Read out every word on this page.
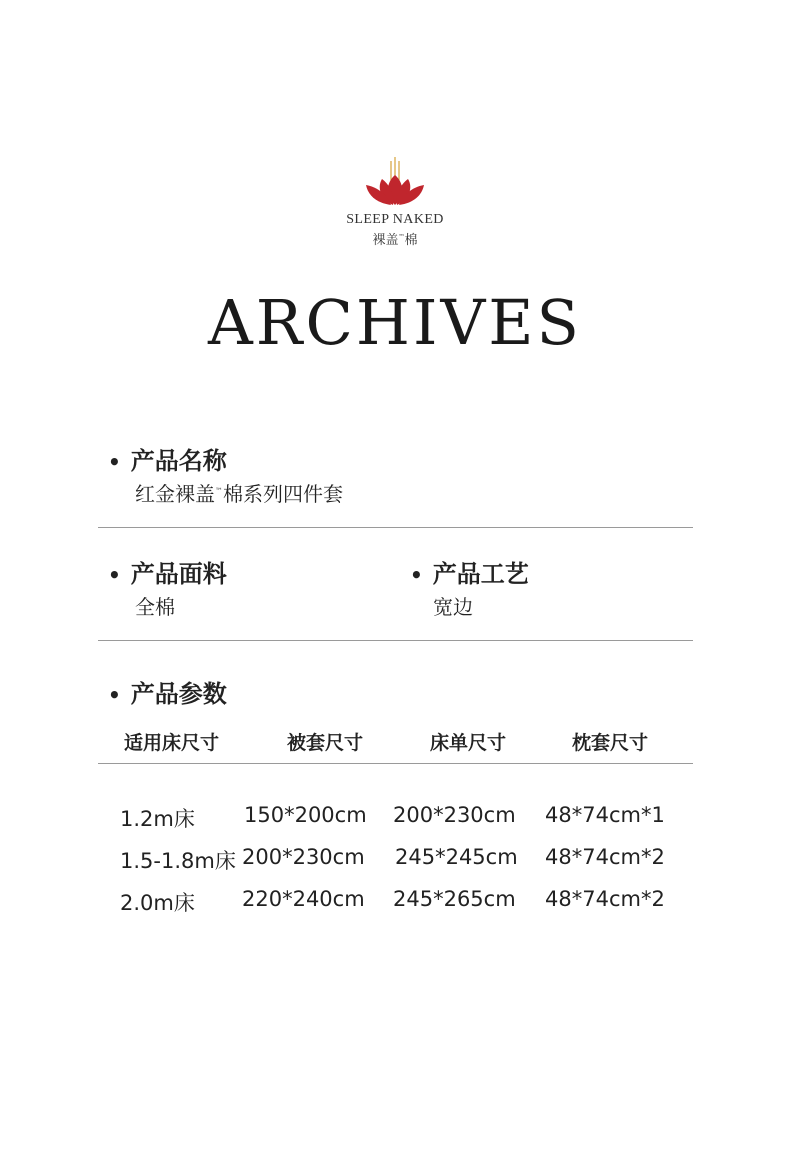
SLEEP NAKED
裸盖™棉
ARCHIVES
• 产品名称
红金裸盖™棉系列四件套
• 产品面料
全棉
• 产品工艺
宽边
• 产品参数
适用床尺寸	被套尺寸	床单尺寸	枕套尺寸
1.2m床 150*200cm 200*230cm 48*74cm*1
1.5-1.8m床 200*230cm 245*245cm 48*74cm*2
2.0m床 220*240cm 245*265cm 48*74cm*2
